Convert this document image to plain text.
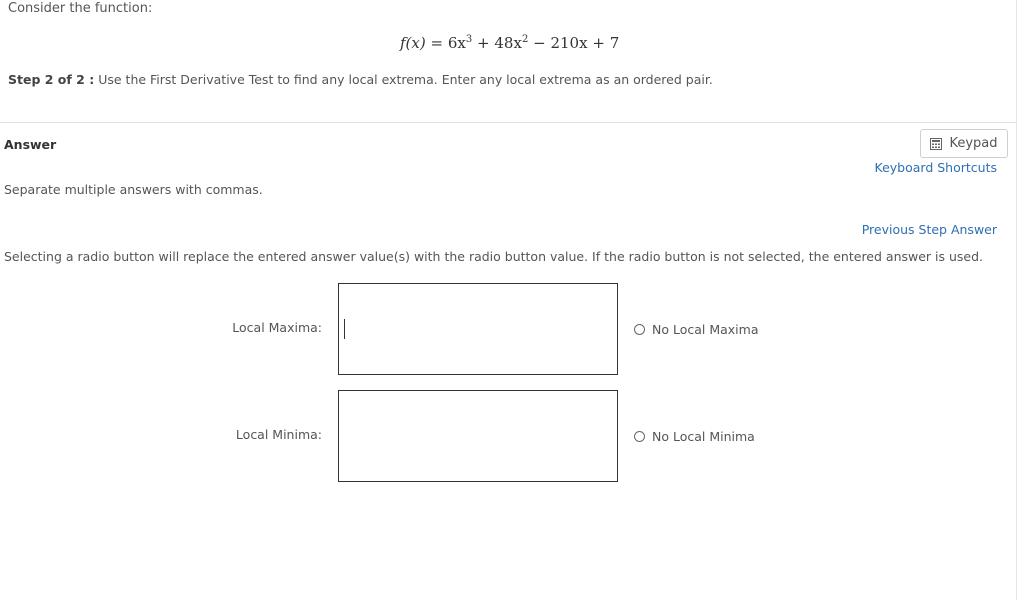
Consider the function:
$f(x) = 6x^3 + 48x^2 - 210x + 7$
Step 2 of 2 : Use the First Derivative Test to find any local extrema. Enter any local extrema as an ordered pair.
Answer	Keypad
Keyboard Shortcuts
Separate multiple answers with commas.
Previous Step Answer
Selecting a radio button will replace the entered answer value(s) with the radio button value. If the radio button is not selected, the entered answer is used.
Local Maxima:	No Local Maxima
Local Minima:	No Local Minima
